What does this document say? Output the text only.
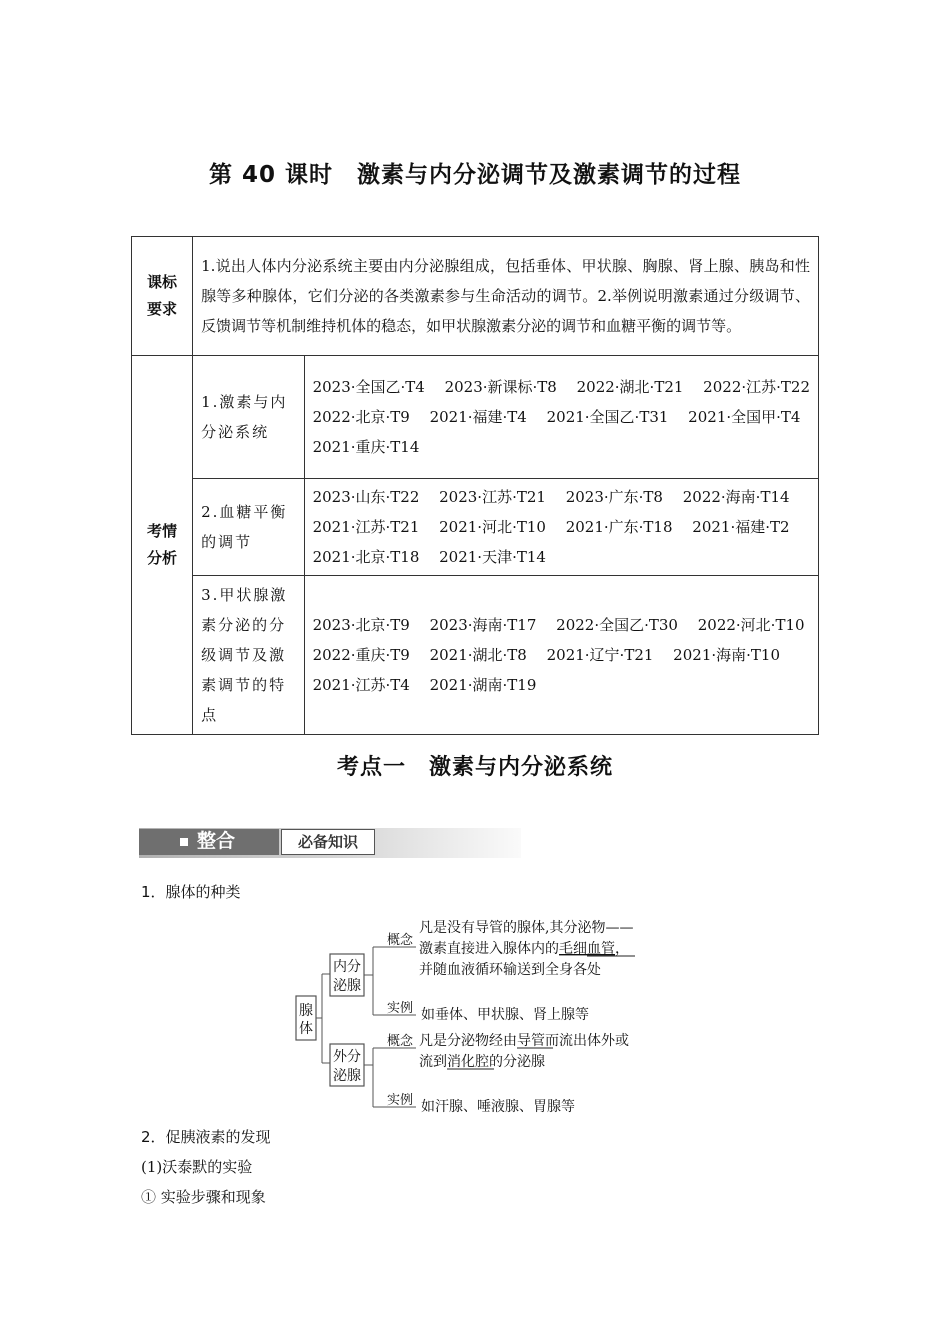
第 40 课时　激素与内分泌调节及激素调节的过程
课标要求	1.说出人体内分泌系统主要由内分泌腺组成，包括垂体、甲状腺、胸腺、肾上腺、胰岛和性腺等多种腺体，它们分泌的各类激素参与生命活动的调节。2.举例说明激素通过分级调节、反馈调节等机制维持机体的稳态，如甲状腺激素分泌的调节和血糖平衡的调节等。	
考情分析	1.激素与内分泌系统	2023·全国乙·T4　 2023·新课标·T8　 2022·湖北·T21　 2022·江苏·T22
2022·北京·T9　 2021·福建·T4　 2021·全国乙·T31　 2021·全国甲·T4
2021·重庆·T14

	2.血糖平衡的调节	2023·山东·T22　 2023·江苏·T21　 2023·广东·T8　 2022·海南·T14
2021·江苏·T21　 2021·河北·T10　 2021·广东·T18　 2021·福建·T2
2021·北京·T18　 2021·天津·T14

	3.甲状腺激素分泌的分级调节及激素调节的特点	2023·北京·T9　 2023·海南·T17　 2022·全国乙·T30　 2022·河北·T10
2022·重庆·T9　 2021·湖北·T8　 2021·辽宁·T21　 2021·海南·T10
2021·江苏·T4　 2021·湖南·T19
考点一　激素与内分泌系统
整合	必备知识
1．腺体的种类
腺
体
内分
泌腺
概念
实例
凡是没有导管的腺体,其分泌物——
激素直接进入腺体内的毛细血管，
并随血液循环输送到全身各处
如垂体、甲状腺、肾上腺等
外分
泌腺
概念
实例
凡是分泌物经由导管而流出体外或
流到消化腔的分泌腺
如汗腺、唾液腺、胃腺等
2．促胰液素的发现
(1)沃泰默的实验
① 实验步骤和现象
